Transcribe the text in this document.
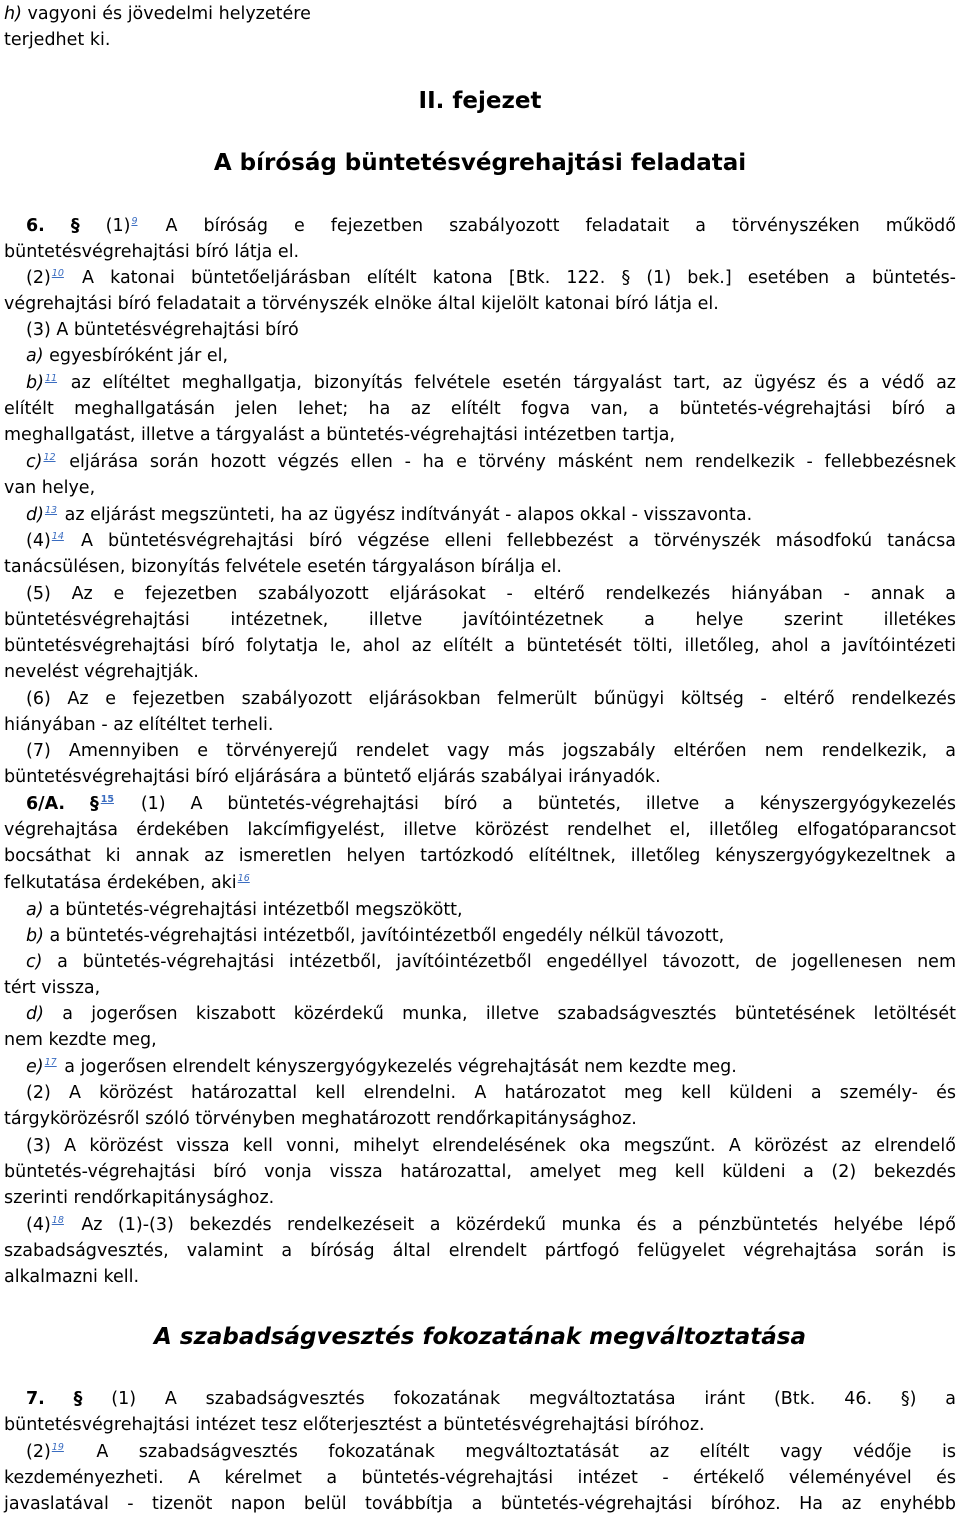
h) vagyoni és jövedelmi helyzetére
terjedhet ki.
II. fejezet
A bíróság büntetésvégrehajtási feladatai
6. § (1)$^9$ A bíróság e fejezetben szabályozott feladatait a törvényszéken működő
büntetésvégrehajtási bíró látja el.
(2)$^{10}$ A katonai büntetőeljárásban elítélt katona [Btk. 122. § (1) bek.] esetében a büntetés-
végrehajtási bíró feladatait a törvényszék elnöke által kijelölt katonai bíró látja el.
(3) A büntetésvégrehajtási bíró
a) egyesbíróként jár el,
b)$^{11}$ az elítéltet meghallgatja, bizonyítás felvétele esetén tárgyalást tart, az ügyész és a védő az
elítélt meghallgatásán jelen lehet; ha az elítélt fogva van, a büntetés-végrehajtási bíró a
meghallgatást, illetve a tárgyalást a büntetés-végrehajtási intézetben tartja,
c)$^{12}$ eljárása során hozott végzés ellen - ha e törvény másként nem rendelkezik - fellebbezésnek
van helye,
d)$^{13}$ az eljárást megszünteti, ha az ügyész indítványát - alapos okkal - visszavonta.
(4)$^{14}$ A büntetésvégrehajtási bíró végzése elleni fellebbezést a törvényszék másodfokú tanácsa
tanácsülésen, bizonyítás felvétele esetén tárgyaláson bírálja el.
(5) Az e fejezetben szabályozott eljárásokat - eltérő rendelkezés hiányában - annak a
büntetésvégrehajtási intézetnek, illetve javítóintézetnek a helye szerint illetékes
büntetésvégrehajtási bíró folytatja le, ahol az elítélt a büntetését tölti, illetőleg, ahol a javítóintézeti
nevelést végrehajtják.
(6) Az e fejezetben szabályozott eljárásokban felmerült bűnügyi költség - eltérő rendelkezés
hiányában - az elítéltet terheli.
(7) Amennyiben e törvényerejű rendelet vagy más jogszabály eltérően nem rendelkezik, a
büntetésvégrehajtási bíró eljárására a büntető eljárás szabályai irányadók.
6/A. § $^{15}$ (1) A büntetés-végrehajtási bíró a büntetés, illetve a kényszergyógykezelés
végrehajtása érdekében lakcímfigyelést, illetve körözést rendelhet el, illetőleg elfogatóparancsot
bocsáthat ki annak az ismeretlen helyen tartózkodó elítéltnek, illetőleg kényszergyógykezeltnek a
felkutatása érdekében, aki$^{16}$
a) a büntetés-végrehajtási intézetből megszökött,
b) a büntetés-végrehajtási intézetből, javítóintézetből engedély nélkül távozott,
c) a büntetés-végrehajtási intézetből, javítóintézetből engedéllyel távozott, de jogellenesen nem
tért vissza,
d) a jogerősen kiszabott közérdekű munka, illetve szabadságvesztés büntetésének letöltését
nem kezdte meg,
e)$^{17}$ a jogerősen elrendelt kényszergyógykezelés végrehajtását nem kezdte meg.
(2) A körözést határozattal kell elrendelni. A határozatot meg kell küldeni a személy- és
tárgykörözésről szóló törvényben meghatározott rendőrkapitánysághoz.
(3) A körözést vissza kell vonni, mihelyt elrendelésének oka megszűnt. A körözést az elrendelő
büntetés-végrehajtási bíró vonja vissza határozattal, amelyet meg kell küldeni a (2) bekezdés
szerinti rendőrkapitánysághoz.
(4)$^{18}$ Az (1)-(3) bekezdés rendelkezéseit a közérdekű munka és a pénzbüntetés helyébe lépő
szabadságvesztés, valamint a bíróság által elrendelt pártfogó felügyelet végrehajtása során is
alkalmazni kell.
A szabadságvesztés fokozatának megváltoztatása
7. § (1) A szabadságvesztés fokozatának megváltoztatása iránt (Btk. 46. §) a
büntetésvégrehajtási intézet tesz előterjesztést a büntetésvégrehajtási bíróhoz.
(2)$^{19}$ A szabadságvesztés fokozatának megváltoztatását az elítélt vagy védője is
kezdeményezheti. A kérelmet a büntetés-végrehajtási intézet - értékelő véleményével és
javaslatával - tizenöt napon belül továbbítja a büntetés-végrehajtási bíróhoz. Ha az enyhébb
